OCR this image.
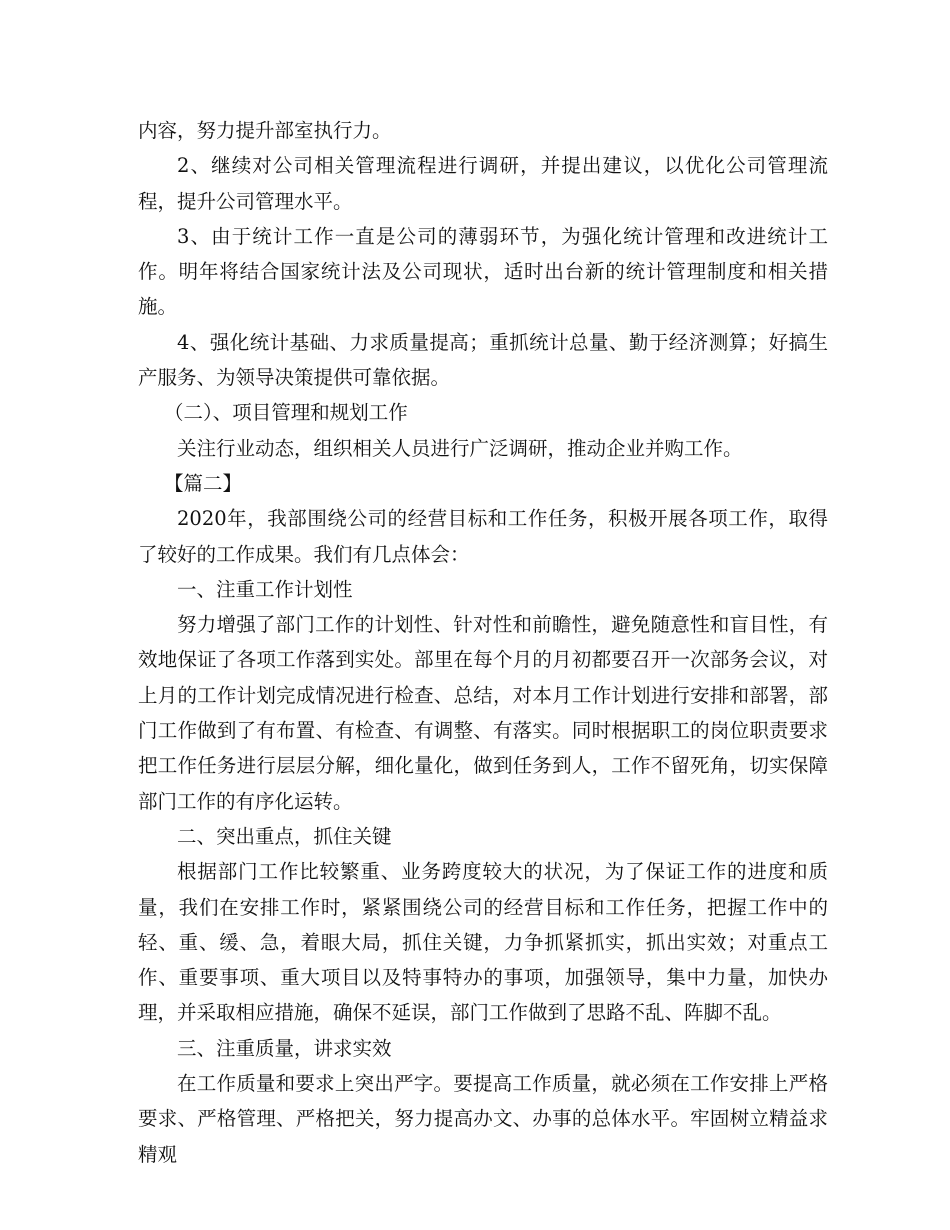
内容，努力提升部室执行力。

2、继续对公司相关管理流程进行调研，并提出建议，以优化公司管理流程，提升公司管理水平。

3、由于统计工作一直是公司的薄弱环节，为强化统计管理和改进统计工作。明年将结合国家统计法及公司现状，适时出台新的统计管理制度和相关措施。

4、强化统计基础、力求质量提高；重抓统计总量、勤于经济测算；好搞生产服务、为领导决策提供可靠依据。

（二）、项目管理和规划工作

关注行业动态，组织相关人员进行广泛调研，推动企业并购工作。

【篇二】

2020年，我部围绕公司的经营目标和工作任务，积极开展各项工作，取得了较好的工作成果。我们有几点体会：

一、注重工作计划性

努力增强了部门工作的计划性、针对性和前瞻性，避免随意性和盲目性，有效地保证了各项工作落到实处。部里在每个月的月初都要召开一次部务会议，对上月的工作计划完成情况进行检查、总结，对本月工作计划进行安排和部署，部门工作做到了有布置、有检查、有调整、有落实。同时根据职工的岗位职责要求把工作任务进行层层分解，细化量化，做到任务到人，工作不留死角，切实保障部门工作的有序化运转。

二、突出重点，抓住关键

根据部门工作比较繁重、业务跨度较大的状况，为了保证工作的进度和质量，我们在安排工作时，紧紧围绕公司的经营目标和工作任务，把握工作中的轻、重、缓、急，着眼大局，抓住关键，力争抓紧抓实，抓出实效；对重点工作、重要事项、重大项目以及特事特办的事项，加强领导，集中力量，加快办理，并采取相应措施，确保不延误，部门工作做到了思路不乱、阵脚不乱。

三、注重质量，讲求实效

在工作质量和要求上突出严字。要提高工作质量，就必须在工作安排上严格要求、严格管理、严格把关，努力提高办文、办事的总体水平。牢固树立精益求精观
